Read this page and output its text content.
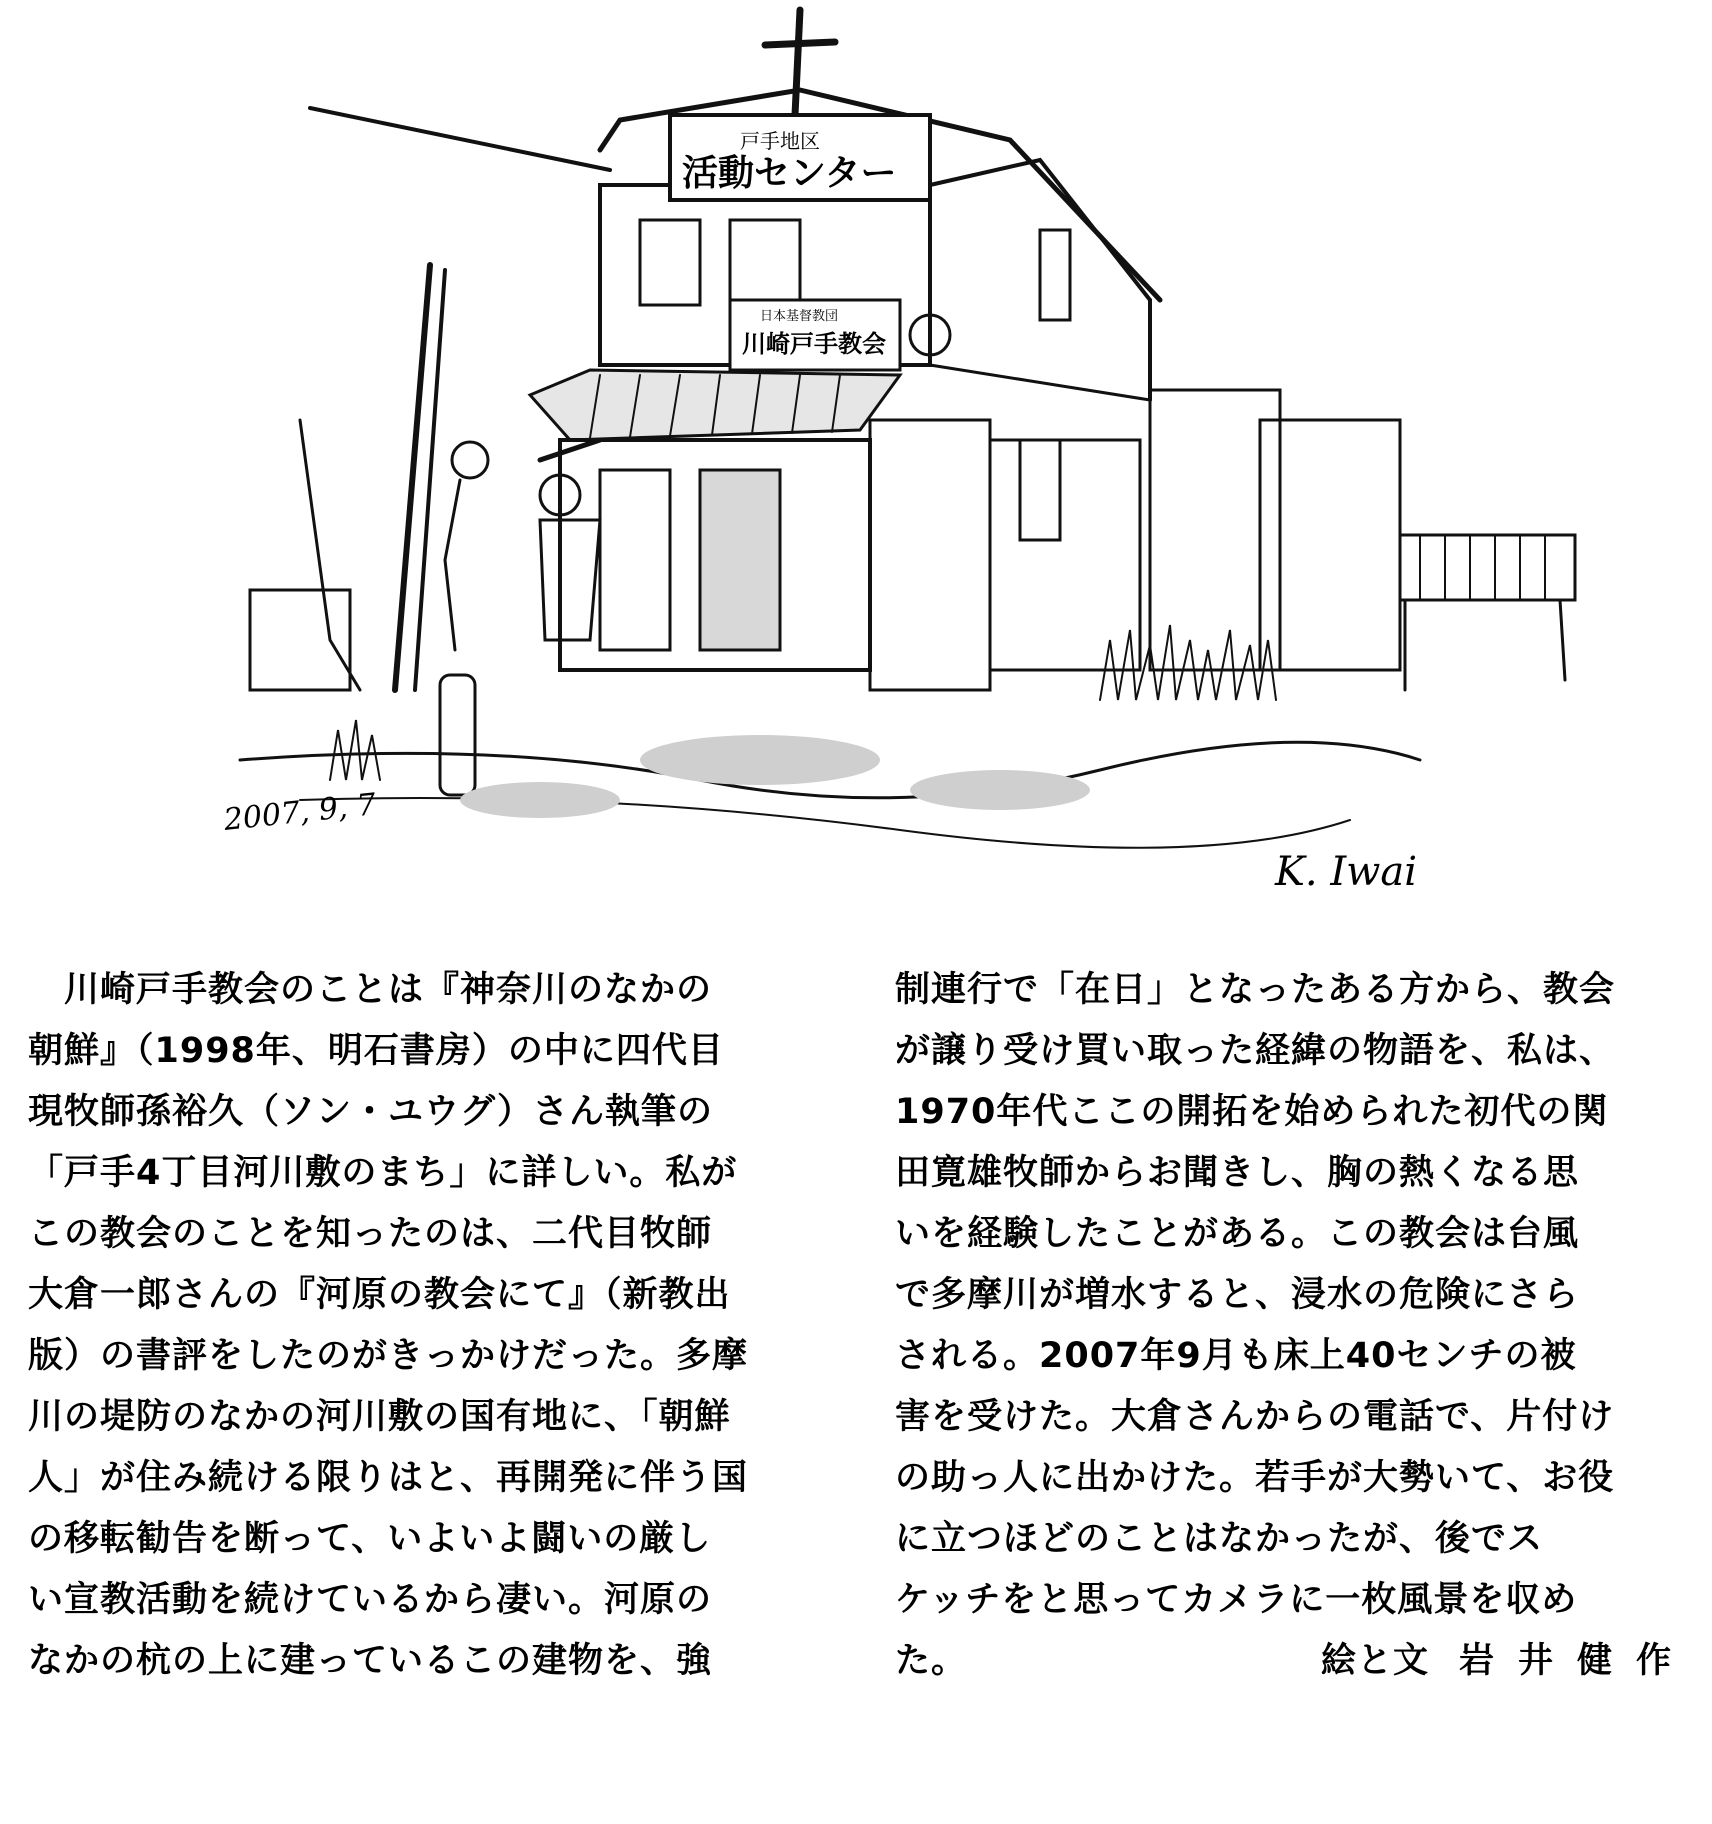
戸手地区
活動センター
日本基督教団
川崎戸手教会
2007, 9, 7
K. Iwai
　川崎戸手教会のことは『神奈川のなかの
朝鮮』（1998年、明石書房）の中に四代目
現牧師孫裕久（ソン・ユウグ）さん執筆の
「戸手4丁目河川敷のまち」に詳しい。私が
この教会のことを知ったのは、二代目牧師
大倉一郎さんの『河原の教会にて』（新教出
版）の書評をしたのがきっかけだった。多摩
川の堤防のなかの河川敷の国有地に、「朝鮮
人」が住み続ける限りはと、再開発に伴う国
の移転勧告を断って、いよいよ闘いの厳し
い宣教活動を続けているから凄い。河原の
なかの杭の上に建っているこの建物を、強
制連行で「在日」となったある方から、教会
が譲り受け買い取った経緯の物語を、私は、
1970年代ここの開拓を始められた初代の関
田寛雄牧師からお聞きし、胸の熱くなる思
いを経験したことがある。この教会は台風
で多摩川が増水すると、浸水の危険にさら
される。2007年9月も床上40センチの被
害を受けた。大倉さんからの電話で、片付け
の助っ人に出かけた。若手が大勢いて、お役
に立つほどのことはなかったが、後でス
ケッチをと思ってカメラに一枚風景を収め
た。	絵と文 岩井健作
